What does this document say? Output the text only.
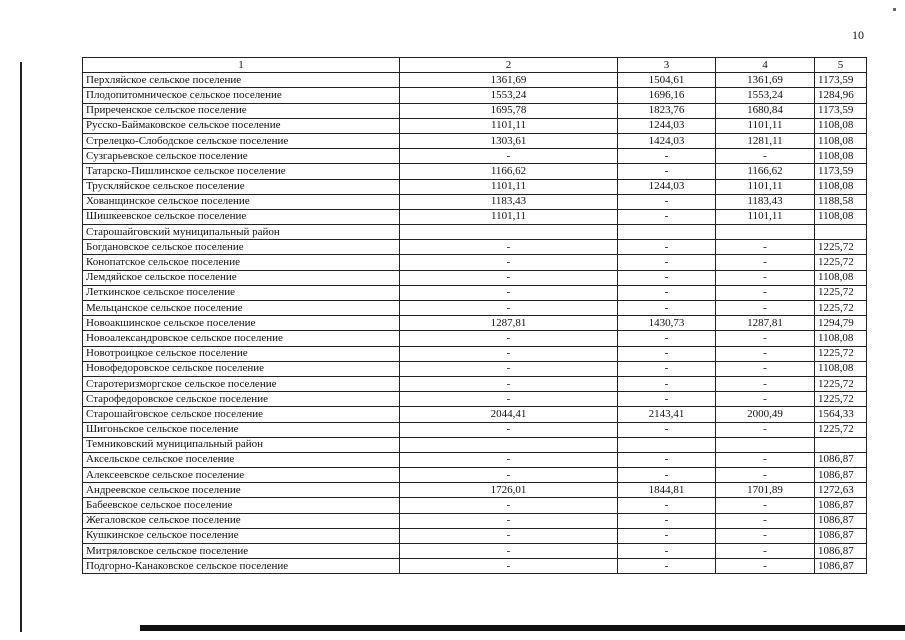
10
1	2	3	4	5
Перхляйское сельское поселение	1361,69	1504,61	1361,69	1173,59
Плодопитомническое сельское поселение	1553,24	1696,16	1553,24	1284,96
Приреченское сельское поселение	1695,78	1823,76	1680,84	1173,59
Русско-Баймаковское сельское поселение	1101,11	1244,03	1101,11	1108,08
Стрелецко-Слободское сельское поселение	1303,61	1424,03	1281,11	1108,08
Сузгарьевское сельское поселение	-	-	-	1108,08
Татарско-Пишлинское сельское поселение	1166,62	-	1166,62	1173,59
Трускляйское сельское поселение	1101,11	1244,03	1101,11	1108,08
Хованщинское сельское поселение	1183,43	-	1183,43	1188,58
Шишкеевское сельское поселение	1101,11	-	1101,11	1108,08
Старошайговский муниципальный район				
Богдановское сельское поселение	-	-	-	1225,72
Конопатское сельское поселение	-	-	-	1225,72
Лемдяйское сельское поселение	-	-	-	1108,08
Леткинское сельское поселение	-	-	-	1225,72
Мельцанское сельское поселение	-	-	-	1225,72
Новоакшинское сельское поселение	1287,81	1430,73	1287,81	1294,79
Новоалександровское сельское поселение	-	-	-	1108,08
Новотроицкое сельское поселение	-	-	-	1225,72
Новофедоровское сельское поселение	-	-	-	1108,08
Старотеризморгское сельское поселение	-	-	-	1225,72
Старофедоровское сельское поселение	-	-	-	1225,72
Старошайговское сельское поселение	2044,41	2143,41	2000,49	1564,33
Шигоньское сельское поселение	-	-	-	1225,72
Темниковский муниципальный район				
Аксельское сельское поселение	-	-	-	1086,87
Алексеевское сельское поселение	-	-	-	1086,87
Андреевское сельское поселение	1726,01	1844,81	1701,89	1272,63
Бабеевское сельское поселение	-	-	-	1086,87
Жегаловское сельское поселение	-	-	-	1086,87
Кушкинское сельское поселение	-	-	-	1086,87
Митряловское сельское поселение	-	-	-	1086,87
Подгорно-Канаковское сельское поселение	-	-	-	1086,87
